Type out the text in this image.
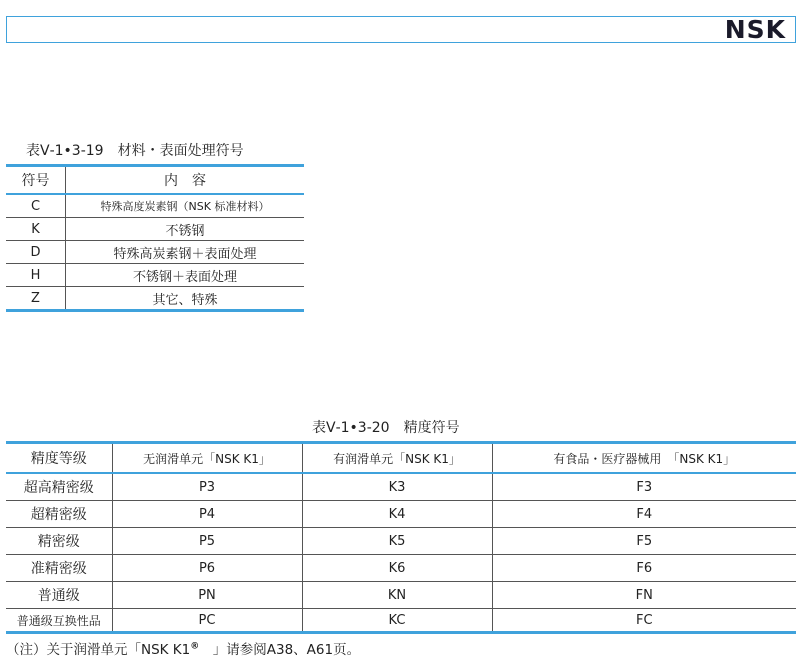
NSK
表Ⅴ-1•3-19　材料・表面处理符号
符号	内　容
C	特殊高度炭素钢（NSK 标准材料）
K	不锈钢
D	特殊高炭素钢＋表面处理
H	不锈钢＋表面处理
Z	其它、特殊
表Ⅴ-1•3-20　精度符号
精度等级	无润滑单元「NSK K1」	有润滑单元「NSK K1」	有食品・医疗器械用　「NSK K1」
超高精密级	P3	K3	F3
超精密级	P4	K4	F4
精密级	P5	K5	F5
准精密级	P6	K6	F6
普通级	PN	KN	FN
普通级互换性品	PC	KC	FC
（注）关于润滑单元「NSK K1®　」请参阅A38、A61页。
